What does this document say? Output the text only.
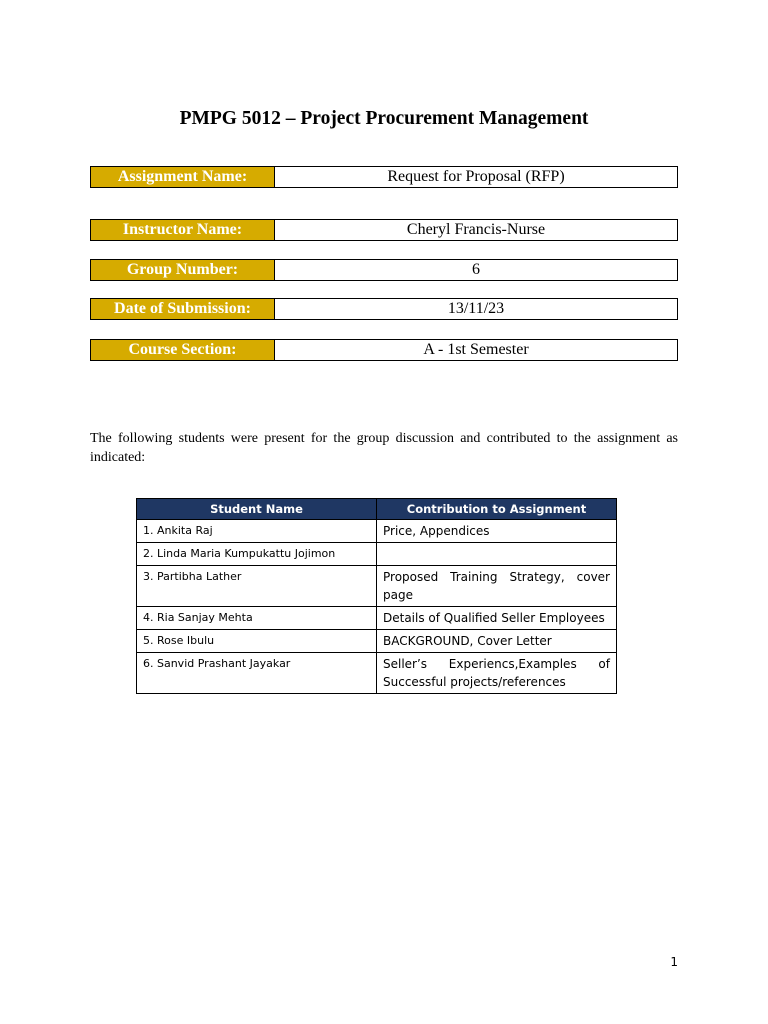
PMPG 5012 – Project Procurement Management
Assignment Name:	Request for Proposal (RFP)
Instructor Name:	Cheryl Francis-Nurse
Group Number:	6
Date of Submission:	13/11/23
Course Section:	A - 1st Semester
The following students were present for the group discussion and contributed to the assignment as indicated:
Student Name	Contribution to Assignment
1. Ankita Raj	Price, Appendices
2. Linda Maria Kumpukattu Jojimon	
3. Partibha Lather	Proposed Training Strategy, cover page
4. Ria Sanjay Mehta	Details of Qualified Seller Employees
5. Rose Ibulu	BACKGROUND, Cover Letter
6. Sanvid Prashant Jayakar	Seller’s Experiencs,Examples of Successful projects/references
1
